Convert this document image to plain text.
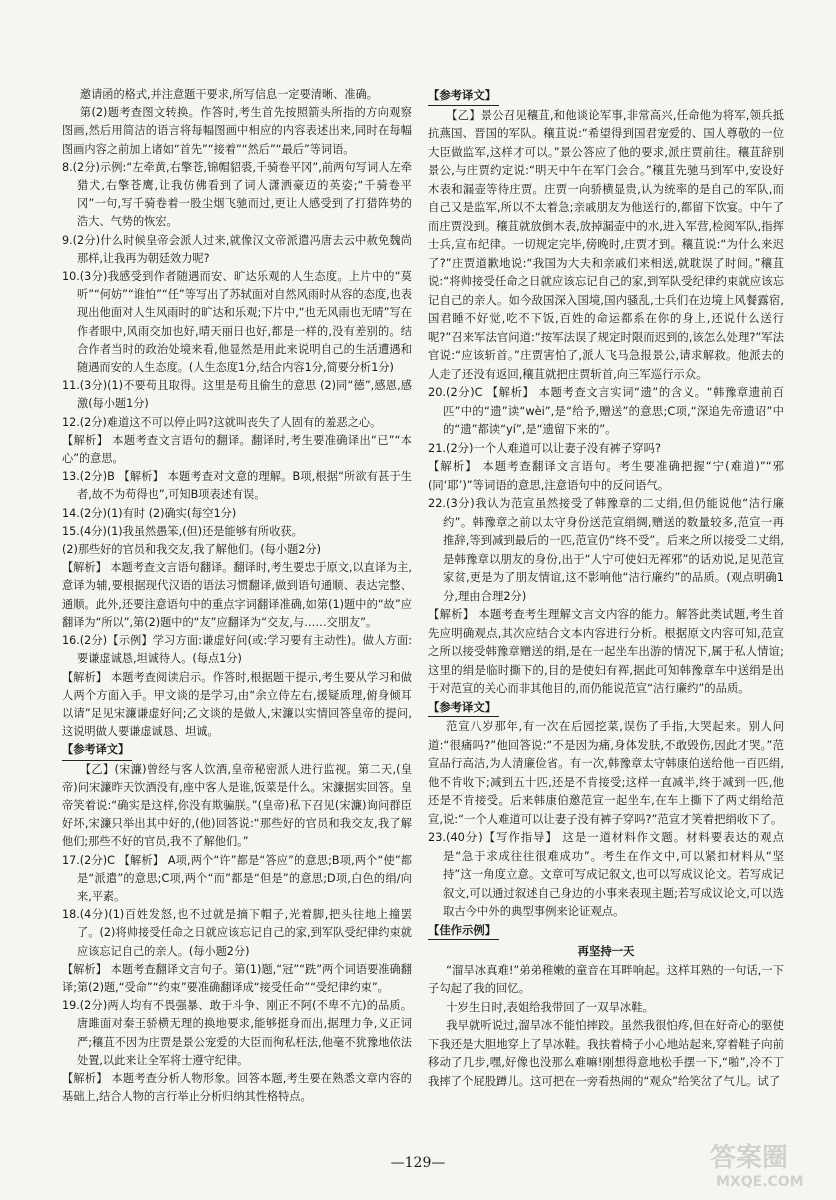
邀请函的格式,并注意题干要求,所写信息一定要清晰、准确。

第(2)题考查图文转换。作答时,考生首先按照箭头所指的方向观察图画,然后用简洁的语言将每幅图画中相应的内容表述出来,同时在每幅图画内容之前加上诸如“首先”“接着”“然后”“最后”等词语。

8.(2分)示例:“左牵黄,右擎苍,锦帽貂裘,千骑卷平冈”,前两句写词人左牵猎犬,右擎苍鹰,让我仿佛看到了词人潇洒豪迈的英姿;“千骑卷平冈”一句,写千骑卷着一股尘烟飞驰而过,更让人感受到了打猎阵势的浩大、气势的恢宏。

9.(2分)什么时候皇帝会派人过来,就像汉文帝派遣冯唐去云中赦免魏尚那样,让我再为朝廷效力呢?

10.(3分)我感受到作者随遇而安、旷达乐观的人生态度。上片中的“莫听”“何妨”“谁怕”“任”等写出了苏轼面对自然风雨时从容的态度,也表现出他面对人生风雨时的旷达和乐观;下片中,“也无风雨也无晴”写在作者眼中,风雨交加也好,晴天丽日也好,都是一样的,没有差别的。结合作者当时的政治处境来看,他显然是用此来说明自己的生活遭遇和随遇而安的人生态度。(人生态度1分,结合内容1分,简要分析1分)

11.(3分)(1)不要苟且取得。这里是苟且偷生的意思 (2)同“德”,感恩,感激(每小题1分)

12.(2分)难道这不可以停止吗?这就叫丧失了人固有的羞恶之心。

【解析】 本题考查文言语句的翻译。翻译时,考生要准确译出“已”“本心”的意思。

13.(2分)B 【解析】 本题考查对文意的理解。B项,根据“所欲有甚于生者,故不为苟得也”,可知B项表述有误。

14.(2分)(1)有时 (2)确实(每空1分)

15.(4分)(1)我虽然愚笨,(但)还是能够有所收获。

(2)那些好的官员和我交友,我了解他们。(每小题2分)

【解析】 本题考查文言语句翻译。翻译时,考生要忠于原文,以直译为主,意译为辅,要根据现代汉语的语法习惯翻译,做到语句通顺、表达完整、通顺。此外,还要注意语句中的重点字词翻译准确,如第(1)题中的“故”应翻译为“所以”,第(2)题中的“友”应翻译为“交友,与……交朋友”。

16.(2分)【示例】学习方面:谦虚好问(或:学习要有主动性)。做人方面:要谦虚诚恳,坦诚待人。(每点1分)

【解析】 本题考查阅读启示。作答时,根据题干提示,考生要从学习和做人两个方面入手。甲文谈的是学习,由“余立侍左右,援疑质理,俯身倾耳以请”足见宋濂谦虚好问;乙文谈的是做人,宋濂以实情回答皇帝的提问,这说明做人要谦虚诚恳、坦诚。

【参考译文】

【乙】(宋濂)曾经与客人饮酒,皇帝秘密派人进行监视。第二天,(皇帝)问宋濂昨天饮酒没有,座中客人是谁,饭菜是什么。宋濂据实回答。皇帝笑着说:“确实是这样,你没有欺骗朕。”(皇帝)私下召见(宋濂)询问群臣好坏,宋濂只举出其中好的,(他)回答说:“那些好的官员和我交友,我了解他们;那些不好的官员,我不了解他们。”

17.(2分)C 【解析】 A项,两个“许”都是“答应”的意思;B项,两个“使”都是“派遣”的意思;C项,两个“而”都是“但是”的意思;D项,白色的绢/向来,平素。

18.(4分)(1)百姓发怒,也不过就是摘下帽子,光着脚,把头往地上撞罢了。(2)将帅接受任命之日就应该忘记自己的家,到军队受纪律约束就应该忘记自己的亲人。(每小题2分)

【解析】 本题考查翻译文言句子。第(1)题,“冠”“跣”两个词语要准确翻译;第(2)题,“受命”“约束”要准确翻译成“接受任命”“受纪律约束”。

19.(2分)两人均有不畏强暴、敢于斗争、刚正不阿(不卑不亢)的品质。唐雎面对秦王骄横无理的换地要求,能够挺身而出,据理力争,义正词严;穰苴不因为庄贾是景公宠爱的大臣而徇私枉法,他毫不犹豫地依法处置,以此来让全军将士遵守纪律。

【解析】 本题考查分析人物形象。回答本题,考生要在熟悉文章内容的基础上,结合人物的言行举止分析归纳其性格特点。

【参考译文】

【乙】景公召见穰苴,和他谈论军事,非常高兴,任命他为将军,领兵抵抗燕国、晋国的军队。穰苴说:“希望得到国君宠爱的、国人尊敬的一位大臣做监军,这样才可以。”景公答应了他的要求,派庄贾前往。穰苴辞别景公,与庄贾约定说:“明天中午在军门会合。”穰苴先驰马到军中,安设好木表和漏壶等待庄贾。庄贾一向骄横显贵,认为统率的是自己的军队,而自己又是监军,所以不太着急;亲戚朋友为他送行的,都留下饮宴。中午了而庄贾没到。穰苴就放倒木表,放掉漏壶中的水,进入军营,检阅军队,指挥士兵,宣布纪律。一切规定完毕,傍晚时,庄贾才到。穰苴说:“为什么来迟了?”庄贾道歉地说:“我国为大夫和亲戚们来相送,就耽误了时间。”穰苴说:“将帅接受任命之日就应该忘记自己的家,到军队受纪律约束就应该忘记自己的亲人。如今敌国深入国境,国内骚乱,士兵们在边境上风餐露宿,国君睡不好觉,吃不下饭,百姓的命运都系在你的身上,还说什么送行呢?”召来军法官问道:“按军法误了规定时限而迟到的,该怎么处理?”军法官说:“应该斩首。”庄贾害怕了,派人飞马急报景公,请求解救。他派去的人走了还没有返回,穰苴就把庄贾斩首,向三军巡行示众。

20.(2分)C 【解析】 本题考查文言实词“遗”的含义。“韩豫章遗前百匹”中的“遗”读“wèi”,是“给予,赠送”的意思;C项,“深追先帝遗诏”中的“遗”都读“yí”,是“遗留下来的”。

21.(2分)一个人难道可以让妻子没有裤子穿吗?

【解析】 本题考查翻译文言语句。考生要准确把握“宁(难道)”“邪(同‘耶’)”等词语的意思,注意语句中的反问语气。

22.(3分)我认为范宣虽然接受了韩豫章的二丈绢,但仍能说他“洁行廉约”。韩豫章之前以太守身份送范宣绢绸,赠送的数量较多,范宣一再推辞,等到减到最后的一匹,范宣仍“终不受”。后来之所以接受二丈绢,是韩豫章以朋友的身份,出于“人宁可使妇无裈邪”的话劝说,足见范宣家贫,更是为了朋友情谊,这不影响他“洁行廉约”的品质。(观点明确1分,理由合理2分)

【解析】 本题考查考生理解文言文内容的能力。解答此类试题,考生首先应明确观点,其次应结合文本内容进行分析。根据原文内容可知,范宣之所以接受韩豫章赠送的绢,是在一起坐车出游的情况下,属于私人情谊;这里的绢是临时撕下的,目的是使妇有裈,据此可知韩豫章车中送绢是出于对范宣的关心而非其他目的,而仍能说范宣“洁行廉约”的品质。

【参考译文】

范宣八岁那年,有一次在后园挖菜,误伤了手指,大哭起来。别人问道:“很痛吗?”他回答说:“不是因为痛,身体发肤,不敢毁伤,因此才哭。”范宣品行高洁,为人清廉俭省。有一次,韩豫章太守韩康伯送给他一百匹绢,他不肯收下;减到五十匹,还是不肯接受;这样一直减半,终于减到一匹,他还是不肯接受。后来韩康伯邀范宣一起坐车,在车上撕下了两丈绢给范宣,说:“一个人难道可以让妻子没有裤子穿吗?”范宣才笑着把绢收下了。

23.(40分)【写作指导】 这是一道材料作文题。材料要表达的观点是“急于求成往往很难成功”。考生在作文中,可以紧扣材料从“坚持”这一角度立意。文章可写成记叙文,也可以写成议论文。若写成记叙文,可以通过叙述自己身边的小事来表现主题;若写成议论文,可以选取古今中外的典型事例来论证观点。

【佳作示例】

再坚持一天

“溜旱冰真难!”弟弟稚嫩的童音在耳畔响起。这样耳熟的一句话,一下子勾起了我的回忆。

十岁生日时,表姐给我带回了一双旱冰鞋。

我早就听说过,溜旱冰不能怕摔跤。虽然我很怕疼,但在好奇心的驱使下我还是大胆地穿上了旱冰鞋。我扶着椅子小心地站起来,穿着鞋子向前移动了几步,嘿,好像也没那么难嘛!刚想得意地松手摆一下,“啪”,冷不丁我摔了个屁股蹲儿。这可把在一旁看热闹的“观众”给笑岔了气儿。试了

—129—	答案圈
MXQE.COM
